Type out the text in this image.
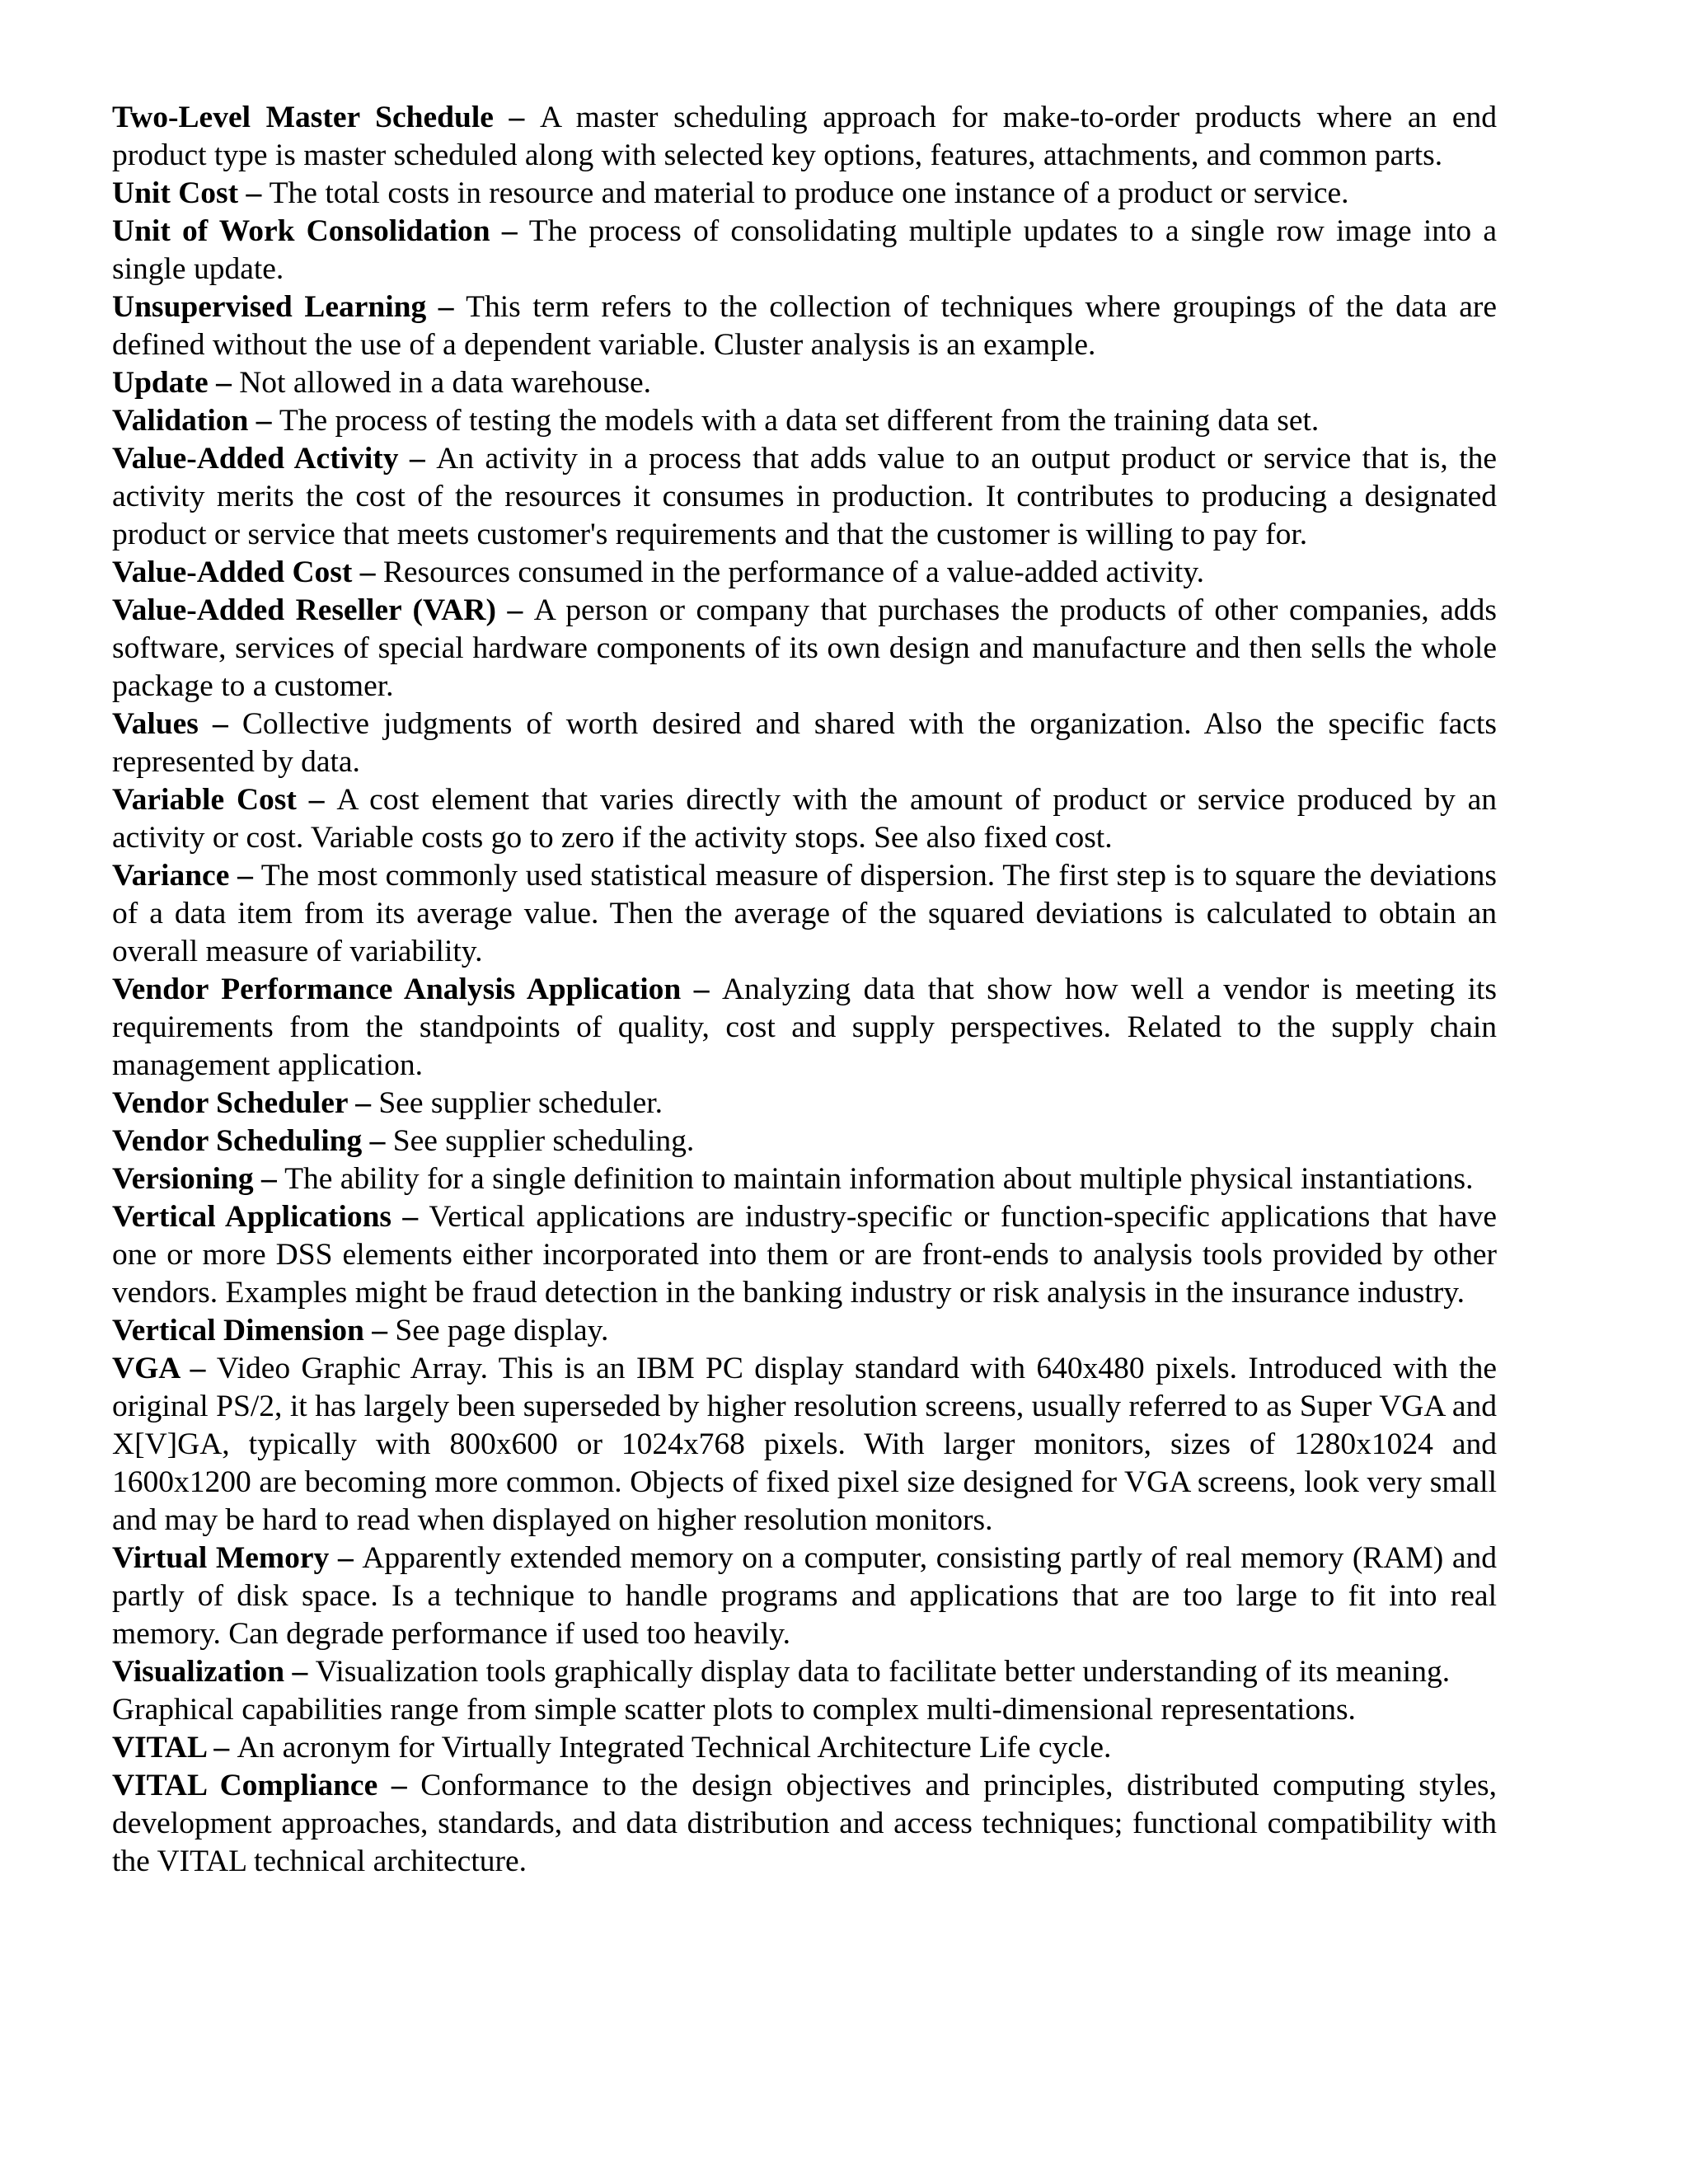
Two-Level Master Schedule – A master scheduling approach for make-to-order products where an end product type is master scheduled along with selected key options, features, attachments, and common parts.

Unit Cost – The total costs in resource and material to produce one instance of a product or service.

Unit of Work Consolidation – The process of consolidating multiple updates to a single row image into a single update.

Unsupervised Learning – This term refers to the collection of techniques where groupings of the data are defined without the use of a dependent variable. Cluster analysis is an example.

Update – Not allowed in a data warehouse.

Validation – The process of testing the models with a data set different from the training data set.

Value-Added Activity – An activity in a process that adds value to an output product or service that is, the activity merits the cost of the resources it consumes in production. It contributes to producing a designated product or service that meets customer's requirements and that the customer is willing to pay for.

Value-Added Cost – Resources consumed in the performance of a value-added activity.

Value-Added Reseller (VAR) – A person or company that purchases the products of other companies, adds software, services of special hardware components of its own design and manufacture and then sells the whole package to a customer.

Values – Collective judgments of worth desired and shared with the organization. Also the specific facts represented by data.

Variable Cost – A cost element that varies directly with the amount of product or service produced by an activity or cost. Variable costs go to zero if the activity stops. See also fixed cost.

Variance – The most commonly used statistical measure of dispersion. The first step is to square the deviations of a data item from its average value. Then the average of the squared deviations is calculated to obtain an overall measure of variability.

Vendor Performance Analysis Application – Analyzing data that show how well a vendor is meeting its requirements from the standpoints of quality, cost and supply perspectives. Related to the supply chain management application.

Vendor Scheduler – See supplier scheduler.

Vendor Scheduling – See supplier scheduling.

Versioning – The ability for a single definition to maintain information about multiple physical instantiations.

Vertical Applications – Vertical applications are industry-specific or function-specific applications that have one or more DSS elements either incorporated into them or are front-ends to analysis tools provided by other vendors. Examples might be fraud detection in the banking industry or risk analysis in the insurance industry.

Vertical Dimension – See page display.

VGA – Video Graphic Array. This is an IBM PC display standard with 640x480 pixels. Introduced with the original PS/2, it has largely been superseded by higher resolution screens, usually referred to as Super VGA and X[V]GA, typically with 800x600 or 1024x768 pixels. With larger monitors, sizes of 1280x1024 and 1600x1200 are becoming more common. Objects of fixed pixel size designed for VGA screens, look very small and may be hard to read when displayed on higher resolution monitors.

Virtual Memory – Apparently extended memory on a computer, consisting partly of real memory (RAM) and partly of disk space. Is a technique to handle programs and applications that are too large to fit into real memory. Can degrade performance if used too heavily.

Visualization – Visualization tools graphically display data to facilitate better understanding of its meaning.

Graphical capabilities range from simple scatter plots to complex multi-dimensional representations.

VITAL – An acronym for Virtually Integrated Technical Architecture Life cycle.

VITAL Compliance – Conformance to the design objectives and principles, distributed computing styles, development approaches, standards, and data distribution and access techniques; functional compatibility with the VITAL technical architecture.
